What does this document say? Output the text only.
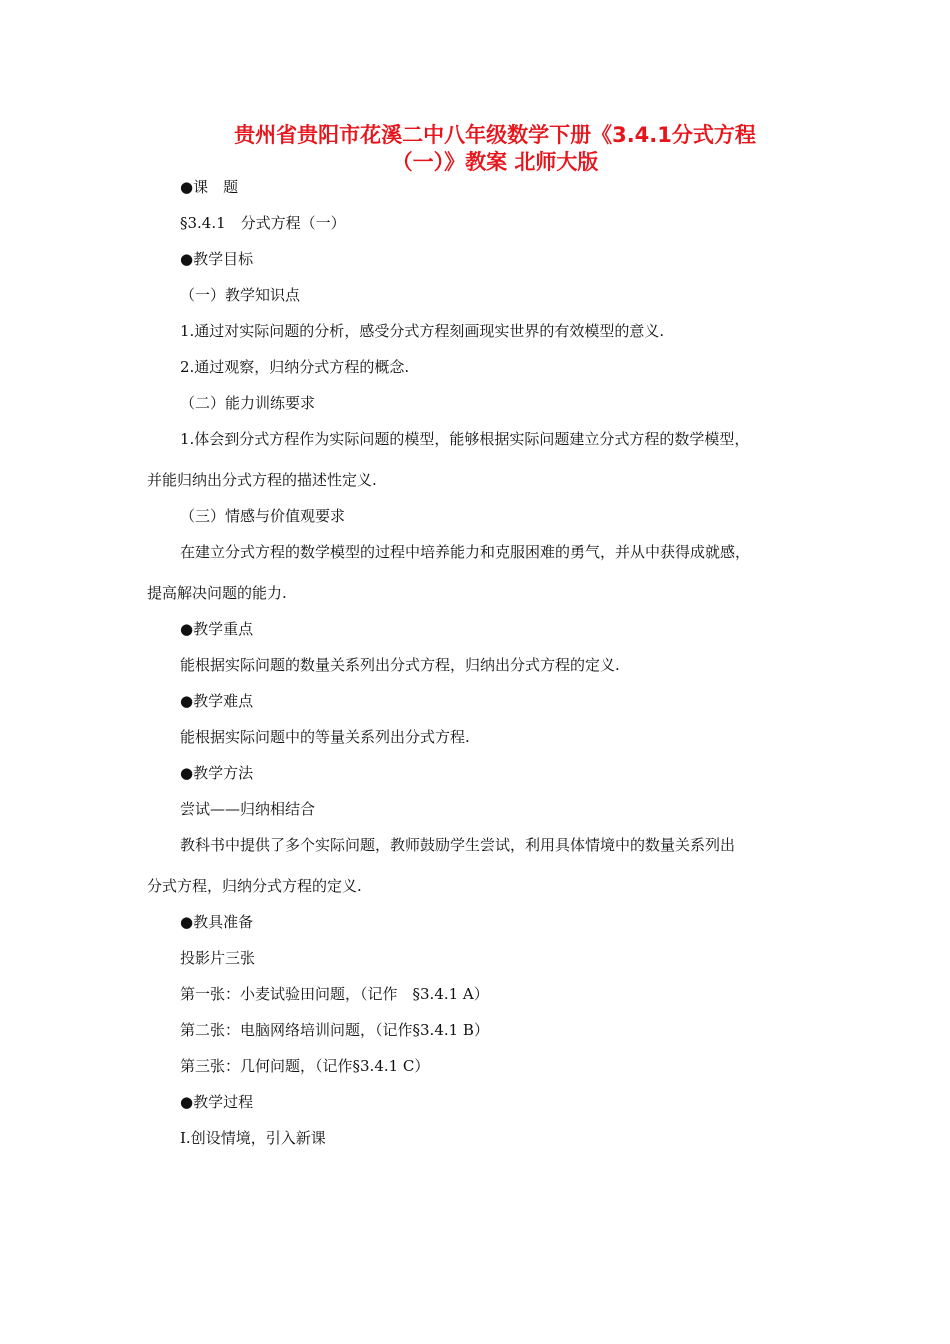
贵州省贵阳市花溪二中八年级数学下册《3.4.1分式方程
（一）》教案 北师大版
●课　题
§3.4.1　分式方程（一）
●教学目标
（一）教学知识点
1.通过对实际问题的分析，感受分式方程刻画现实世界的有效模型的意义.
2.通过观察，归纳分式方程的概念.
（二）能力训练要求
1.体会到分式方程作为实际问题的模型，能够根据实际问题建立分式方程的数学模型，
并能归纳出分式方程的描述性定义.
（三）情感与价值观要求
在建立分式方程的数学模型的过程中培养能力和克服困难的勇气，并从中获得成就感，
提高解决问题的能力.
●教学重点
能根据实际问题的数量关系列出分式方程，归纳出分式方程的定义.
●教学难点
能根据实际问题中的等量关系列出分式方程.
●教学方法
尝试——归纳相结合
教科书中提供了多个实际问题，教师鼓励学生尝试，利用具体情境中的数量关系列出
分式方程，归纳分式方程的定义.
●教具准备
投影片三张
第一张：小麦试验田问题，（记作　§3.4.1 A）
第二张：电脑网络培训问题，（记作§3.4.1 B）
第三张：几何问题，（记作§3.4.1 C）
●教学过程
Ⅰ.创设情境，引入新课
